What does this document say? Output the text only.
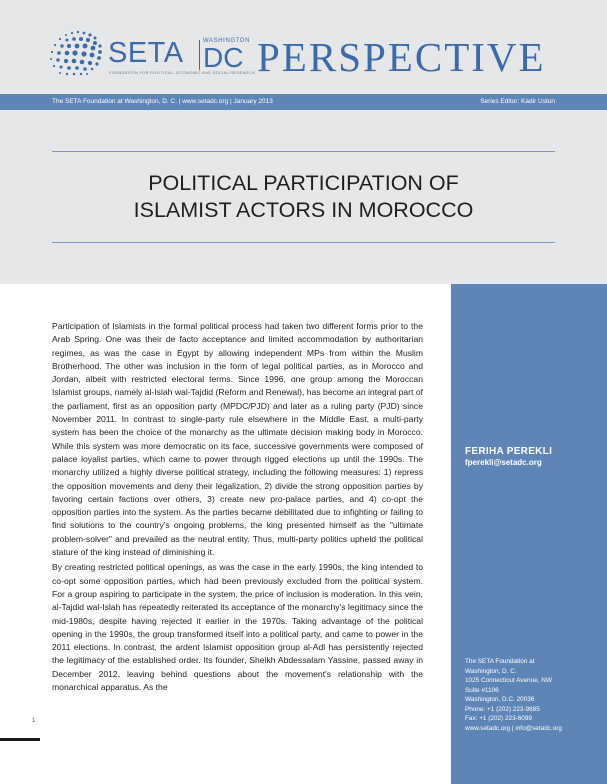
SETA	WASHINGTON
DC
FOUNDATION FOR POLITICAL, ECONOMIC AND SOCIAL RESEARCH PERSPECTIVE
The SETA Foundation at Washington, D. C. | www.setadc.org | January 2013	Series Editor: Kadir Ustun
POLITICAL PARTICIPATION OF
ISLAMIST ACTORS IN MOROCCO
FERIHA PEREKLI
fperekli@setadc.org
The SETA Foundation at
Washington, D. C.
1025 Connecticut Avenue, NW
Suite #1106
Washington, D.C. 20036
Phone: +1 (202) 223-9885
Fax: +1 (202) 223-6099
www.setadc.org | info@setadc.org

Participation of Islamists in the formal political process had taken two different forms prior to the Arab Spring. One was their de facto acceptance and limited accommodation by authoritarian regimes, as was the case in Egypt by allowing independent MPs from within the Muslim Brotherhood. The other was inclusion in the form of legal political parties, as in Morocco and Jordan, albeit with restricted electoral terms. Since 1996, one group among the Moroccan Islamist groups, namely al-Islah wal-Tajdid (Reform and Renewal), has become an integral part of the parliament, first as an opposition party (MPDC/PJD) and later as a ruling party (PJD) since November 2011. In contrast to single-party rule elsewhere in the Middle East, a multi-party system has been the choice of the monarchy as the ultimate decision making body in Morocco. While this system was more democratic on its face, successive governments were composed of palace loyalist parties, which came to power through rigged elections up until the 1990s. The monarchy utilized a highly diverse political strategy, including the following measures: 1) repress the opposition movements and deny their legalization, 2) divide the strong opposition parties by favoring certain factions over others, 3) create new pro-palace parties, and 4) co-opt the opposition parties into the system. As the parties became debilitated due to infighting or failing to find solutions to the country's ongoing problems, the king presented himself as the "ultimate problem-solver" and prevailed as the neutral entity. Thus, multi-party politics upheld the political stature of the king instead of diminishing it.

By creating restricted political openings, as was the case in the early 1990s, the king intended to co-opt some opposition parties, which had been previously excluded from the political system. For a group aspiring to participate in the system, the price of inclusion is moderation. In this vein, al-Tajdid wal-Islah has repeatedly reiterated its acceptance of the monarchy's legitimacy since the mid-1980s, despite having rejected it earlier in the 1970s. Taking advantage of the political opening in the 1990s, the group transformed itself into a political party, and came to power in the 2011 elections. In contrast, the ardent Islamist opposition group al-Adl has persistently rejected the legitimacy of the established order. Its founder, Sheikh Abdessalam Yassine, passed away in December 2012, leaving behind questions about the movement's relationship with the monarchical apparatus. As the

1
